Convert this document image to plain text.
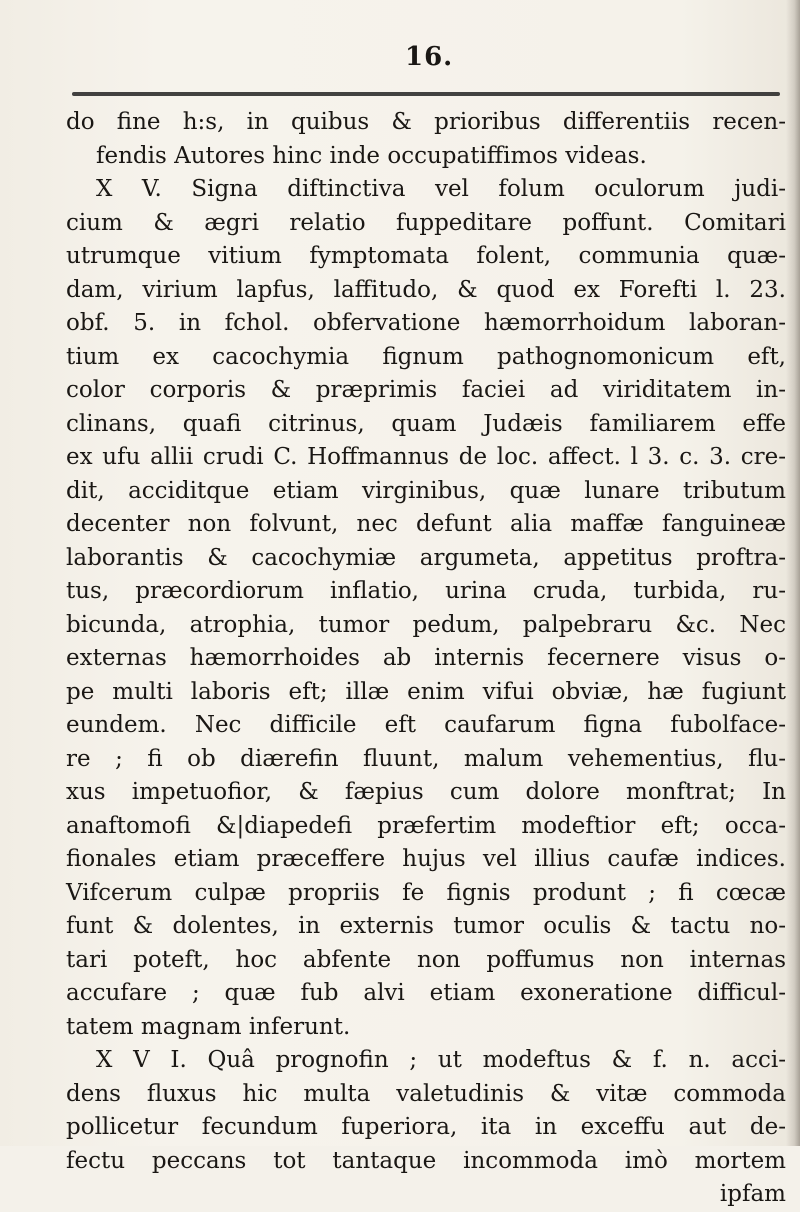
16.
do fine h:s, in quibus & prioribus differentiis recen-
fendis Autores hinc inde occupatiffimos videas.
X V. Signa diftinctiva vel folum oculorum judi-
cium & ægri relatio fuppeditare poffunt. Comitari
utrumque vitium fymptomata folent, communia quæ-
dam, virium lapfus, laffitudo, & quod ex Forefti l. 23.
obf. 5. in fchol. obfervatione hæmorrhoidum laboran-
tium ex cacochymia fignum pathognomonicum eft,
color corporis & præprimis faciei ad viriditatem in-
clinans, quafi citrinus, quam Judæis familiarem effe
ex ufu allii crudi C. Hoffmannus de loc. affect. l 3. c. 3. cre-
dit, acciditque etiam virginibus, quæ lunare tributum
decenter non folvunt, nec defunt alia maffæ fanguineæ
laborantis & cacochymiæ argumeta, appetitus proftra-
tus, præcordiorum inflatio, urina cruda, turbida, ru-
bicunda, atrophia, tumor pedum, palpebraru &c. Nec
externas hæmorrhoides ab internis fecernere visus o-
pe multi laboris eft; illæ enim vifui obviæ, hæ fugiunt
eundem. Nec difficile eft caufarum figna fubolface-
re ; fi ob diærefin fluunt, malum vehementius, flu-
xus impetuofior, & fæpius cum dolore monftrat; In
anaftomofi &|diapedefi præfertim modeftior eft; occa-
fionales etiam præceffere hujus vel illius caufæ indices.
Vifcerum culpæ propriis fe fignis produnt ; fi cœcæ
funt & dolentes, in externis tumor oculis & tactu no-
tari poteft, hoc abfente non poffumus non internas
accufare ; quæ fub alvi etiam exoneratione difficul-
tatem magnam inferunt.
X V I. Quâ prognofin ; ut modeftus & f. n. acci-
dens fluxus hic multa valetudinis & vitæ commoda
pollicetur fecundum fuperiora, ita in exceffu aut de-
fectu peccans tot tantaque incommoda imò mortem
ipfam
